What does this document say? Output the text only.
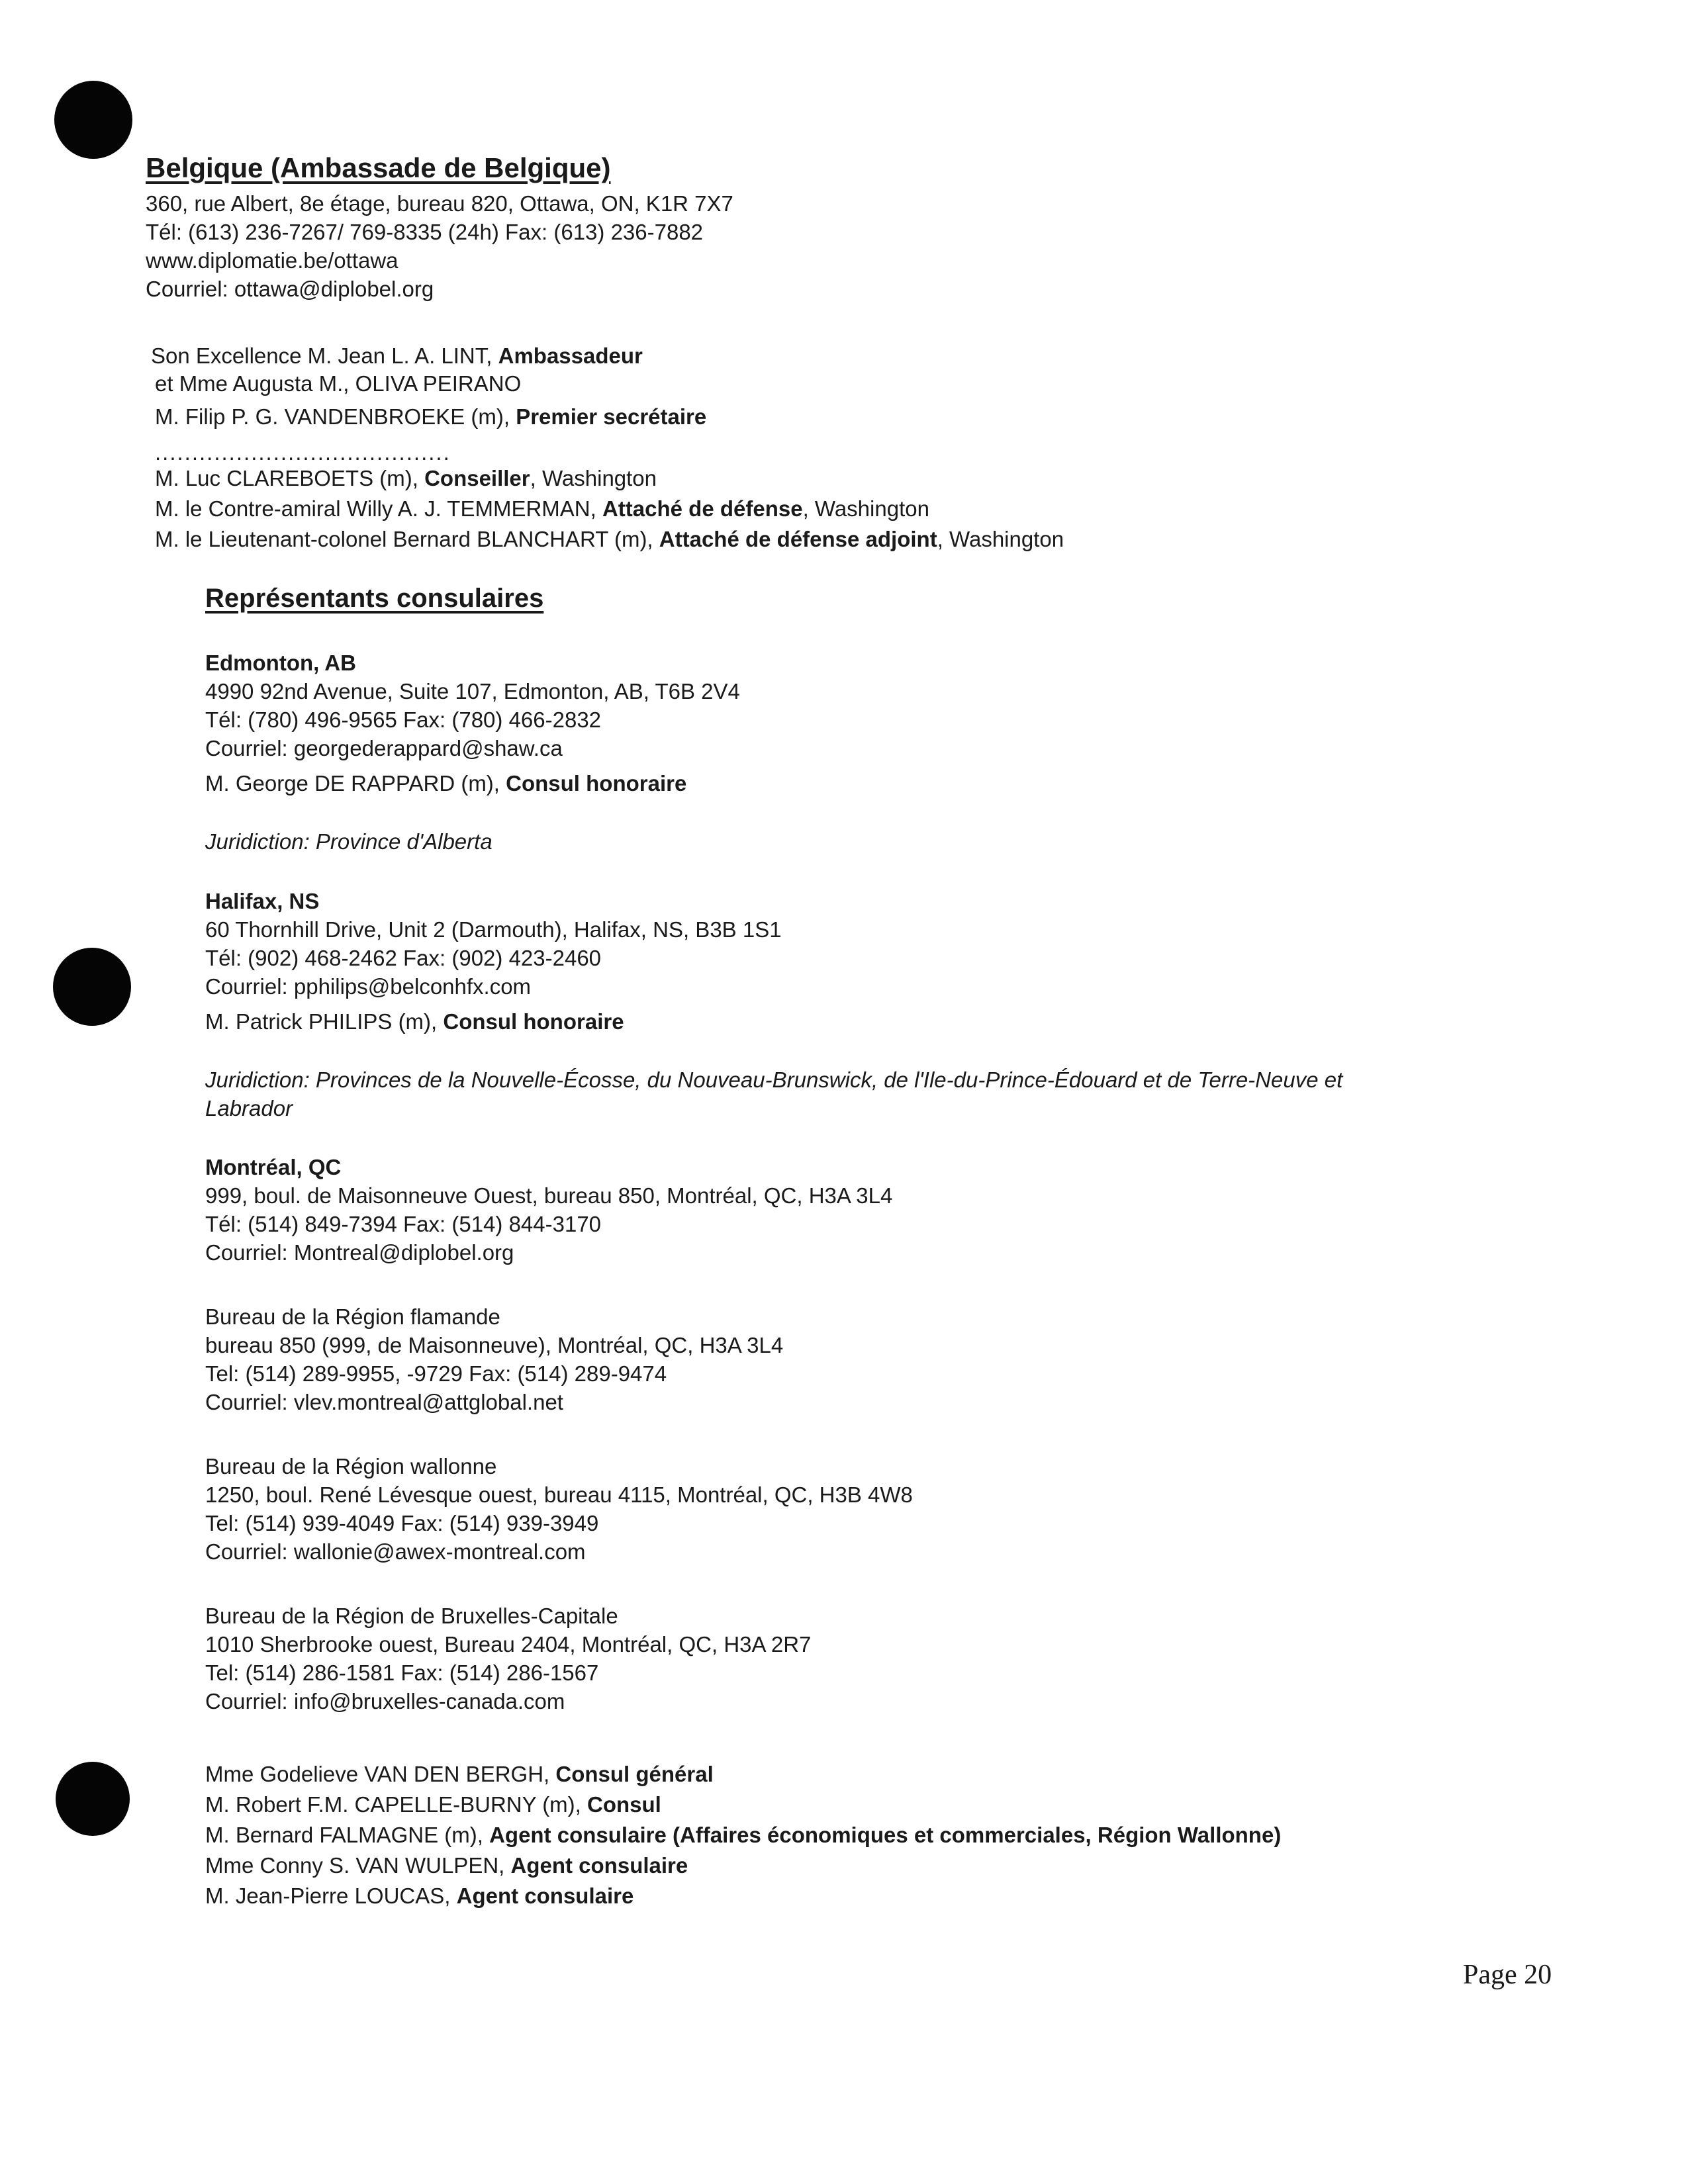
Belgique (Ambassade de Belgique)
360, rue Albert, 8e étage, bureau 820, Ottawa, ON, K1R 7X7
Tél: (613) 236-7267/ 769-8335 (24h) Fax: (613) 236-7882
www.diplomatie.be/ottawa
Courriel: ottawa@diplobel.org
Son Excellence M. Jean L. A. LINT, Ambassadeur
et Mme Augusta M., OLIVA PEIRANO
M. Filip P. G. VANDENBROEKE (m), Premier secrétaire
........................................
M. Luc CLAREBOETS (m), Conseiller, Washington
M. le Contre-amiral Willy A. J. TEMMERMAN, Attaché de défense, Washington
M. le Lieutenant-colonel Bernard BLANCHART (m), Attaché de défense adjoint, Washington
Représentants consulaires
Edmonton, AB
4990 92nd Avenue, Suite 107, Edmonton, AB, T6B 2V4
Tél: (780) 496-9565 Fax: (780) 466-2832
Courriel: georgederappard@shaw.ca
M. George DE RAPPARD (m), Consul honoraire
Juridiction: Province d'Alberta
Halifax, NS
60 Thornhill Drive, Unit 2 (Darmouth), Halifax, NS, B3B 1S1
Tél: (902) 468-2462 Fax: (902) 423-2460
Courriel: pphilips@belconhfx.com
M. Patrick PHILIPS (m), Consul honoraire
Juridiction: Provinces de la Nouvelle-Écosse, du Nouveau-Brunswick, de l'Ile-du-Prince-Édouard et de Terre-Neuve et
Labrador
Montréal, QC
999, boul. de Maisonneuve Ouest, bureau 850, Montréal, QC, H3A 3L4
Tél: (514) 849-7394 Fax: (514) 844-3170
Courriel: Montreal@diplobel.org
Bureau de la Région flamande
bureau 850 (999, de Maisonneuve), Montréal, QC, H3A 3L4
Tel: (514) 289-9955, -9729 Fax: (514) 289-9474
Courriel: vlev.montreal@attglobal.net
Bureau de la Région wallonne
1250, boul. René Lévesque ouest, bureau 4115, Montréal, QC, H3B 4W8
Tel: (514) 939-4049 Fax: (514) 939-3949
Courriel: wallonie@awex-montreal.com
Bureau de la Région de Bruxelles-Capitale
1010 Sherbrooke ouest, Bureau 2404, Montréal, QC, H3A 2R7
Tel: (514) 286-1581 Fax: (514) 286-1567
Courriel: info@bruxelles-canada.com
Mme Godelieve VAN DEN BERGH, Consul général
M. Robert F.M. CAPELLE-BURNY (m), Consul
M. Bernard FALMAGNE (m), Agent consulaire (Affaires économiques et commerciales, Région Wallonne)
Mme Conny S. VAN WULPEN, Agent consulaire
M. Jean-Pierre LOUCAS, Agent consulaire
Page 20
